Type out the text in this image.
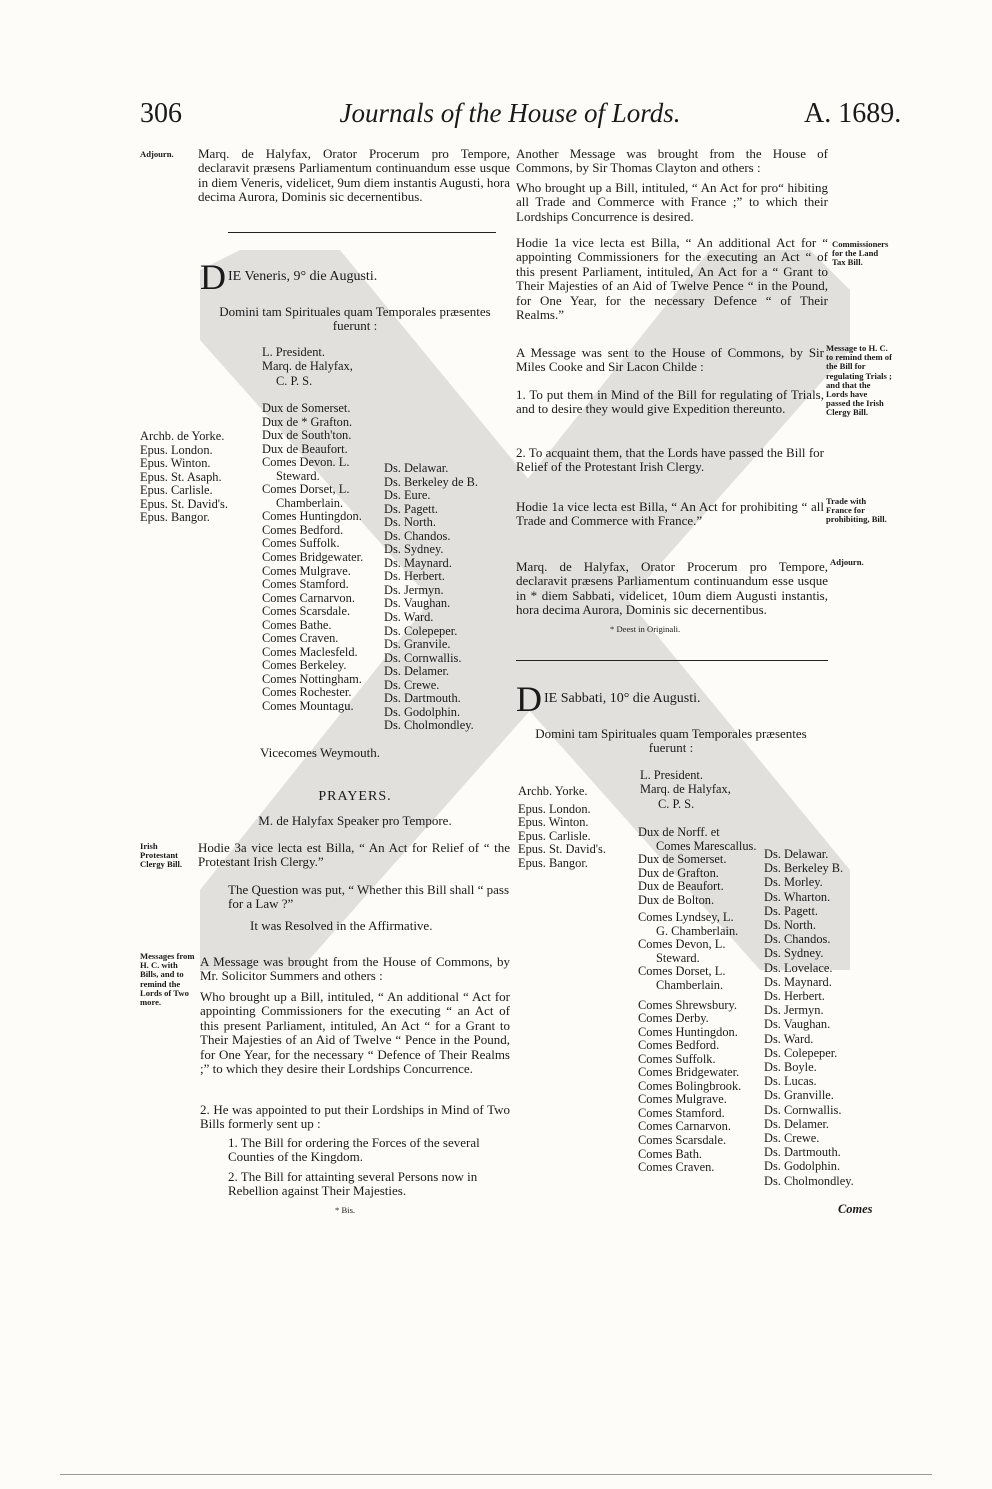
306	Journals of the House of Lords.	A. 1689.
Adjourn. Marq. de Halyfax, Orator Procerum pro Tempore, declaravit præsens Parliamentum continuandum esse usque in diem Veneris, videlicet, 9um diem instantis Augusti, hora decima Aurora, Dominis sic decernentibus.
D IE Veneris, 9° die Augusti.
Domini tam Spirituales quam Temporales præsentes fuerunt :
Archb. de Yorke.
Epus. London.
Epus. Winton.
Epus. St. Asaph.
Epus. Carlisle.
Epus. St. David's.
Epus. Bangor.
L. President.
Marq. de Halyfax,
C. P. S.
Dux de Somerset.
Dux de * Grafton.
Dux de South'ton.
Dux de Beaufort.
Comes Devon. L.
Steward.
Comes Dorset, L.
Chamberlain.
Comes Huntingdon.
Comes Bedford.
Comes Suffolk.
Comes Bridgewater.
Comes Mulgrave.
Comes Stamford.
Comes Carnarvon.
Comes Scarsdale.
Comes Bathe.
Comes Craven.
Comes Maclesfeld.
Comes Berkeley.
Comes Nottingham.
Comes Rochester.
Comes Mountagu.
Ds. Delawar.
Ds. Berkeley de B.
Ds. Eure.
Ds. Pagett.
Ds. North.
Ds. Chandos.
Ds. Sydney.
Ds. Maynard.
Ds. Herbert.
Ds. Jermyn.
Ds. Vaughan.
Ds. Ward.
Ds. Colepeper.
Ds. Granvile.
Ds. Cornwallis.
Ds. Delamer.
Ds. Crewe.
Ds. Dartmouth.
Ds. Godolphin.
Ds. Cholmondley.
Vicecomes Weymouth.
PRAYERS.
M. de Halyfax Speaker pro Tempore.
Irish Protestant Clergy Bill.
Hodie 3a vice lecta est Billa, “ An Act for Relief of “ the Protestant Irish Clergy.”
The Question was put, “ Whether this Bill shall “ pass for a Law ?”
It was Resolved in the Affirmative.
Messages from H. C. with Bills, and to remind the Lords of Two more.
A Message was brought from the House of Commons, by Mr. Solicitor Summers and others :
Who brought up a Bill, intituled, “ An additional “ Act for appointing Commissioners for the executing “ an Act of this present Parliament, intituled, An Act “ for a Grant to Their Majesties of an Aid of Twelve “ Pence in the Pound, for One Year, for the necessary “ Defence of Their Realms ;” to which they desire their Lordships Concurrence.
2. He was appointed to put their Lordships in Mind of Two Bills formerly sent up :
1. The Bill for ordering the Forces of the several Counties of the Kingdom.
2. The Bill for attainting several Persons now in Rebellion against Their Majesties.
* Bis.
Another Message was brought from the House of Commons, by Sir Thomas Clayton and others :
Who brought up a Bill, intituled, “ An Act for pro“ hibiting all Trade and Commerce with France ;” to which their Lordships Concurrence is desired.
Commissioners for the Land Tax Bill.
Hodie 1a vice lecta est Billa, “ An additional Act for “ appointing Commissioners for the executing an Act “ of this present Parliament, intituled, An Act for a “ Grant to Their Majesties of an Aid of Twelve Pence “ in the Pound, for One Year, for the necessary Defence “ of Their Realms.”
Message to H. C. to remind them of the Bill for regulating Trials ; and that the Lords have passed the Irish Clergy Bill.
A Message was sent to the House of Commons, by Sir Miles Cooke and Sir Lacon Childe :
1. To put them in Mind of the Bill for regulating of Trials, and to desire they would give Expedition thereunto.
2. To acquaint them, that the Lords have passed the Bill for Relief of the Protestant Irish Clergy.
Trade with France for prohibiting, Bill.
Hodie 1a vice lecta est Billa, “ An Act for prohibiting “ all Trade and Commerce with France.”
Adjourn.
Marq. de Halyfax, Orator Procerum pro Tempore, declaravit præsens Parliamentum continuandum esse usque in * diem Sabbati, videlicet, 10um diem Augusti instantis, hora decima Aurora, Dominis sic decernentibus.
* Deest in Originali.
D IE Sabbati, 10° die Augusti.
Domini tam Spirituales quam Temporales præsentes fuerunt :
Archb. Yorke.
Epus. London.
Epus. Winton.
Epus. Carlisle.
Epus. St. David's.
Epus. Bangor.
L. President.
Marq. de Halyfax,
C. P. S.
Dux de Norff. et
Comes Marescallus.
Dux de Somerset.
Dux de Grafton.
Dux de Beaufort.
Dux de Bolton.
Comes Lyndsey, L.
G. Chamberlain.
Comes Devon, L.
Steward.
Comes Dorset, L.
Chamberlain.
Comes Shrewsbury.
Comes Derby.
Comes Huntingdon.
Comes Bedford.
Comes Suffolk.
Comes Bridgewater.
Comes Bolingbrook.
Comes Mulgrave.
Comes Stamford.
Comes Carnarvon.
Comes Scarsdale.
Comes Bath.
Comes Craven.
Ds. Delawar.
Ds. Berkeley B.
Ds. Morley.
Ds. Wharton.
Ds. Pagett.
Ds. North.
Ds. Chandos.
Ds. Sydney.
Ds. Lovelace.
Ds. Maynard.
Ds. Herbert.
Ds. Jermyn.
Ds. Vaughan.
Ds. Ward.
Ds. Colepeper.
Ds. Boyle.
Ds. Lucas.
Ds. Granville.
Ds. Cornwallis.
Ds. Delamer.
Ds. Crewe.
Ds. Dartmouth.
Ds. Godolphin.
Ds. Cholmondley.
Comes
